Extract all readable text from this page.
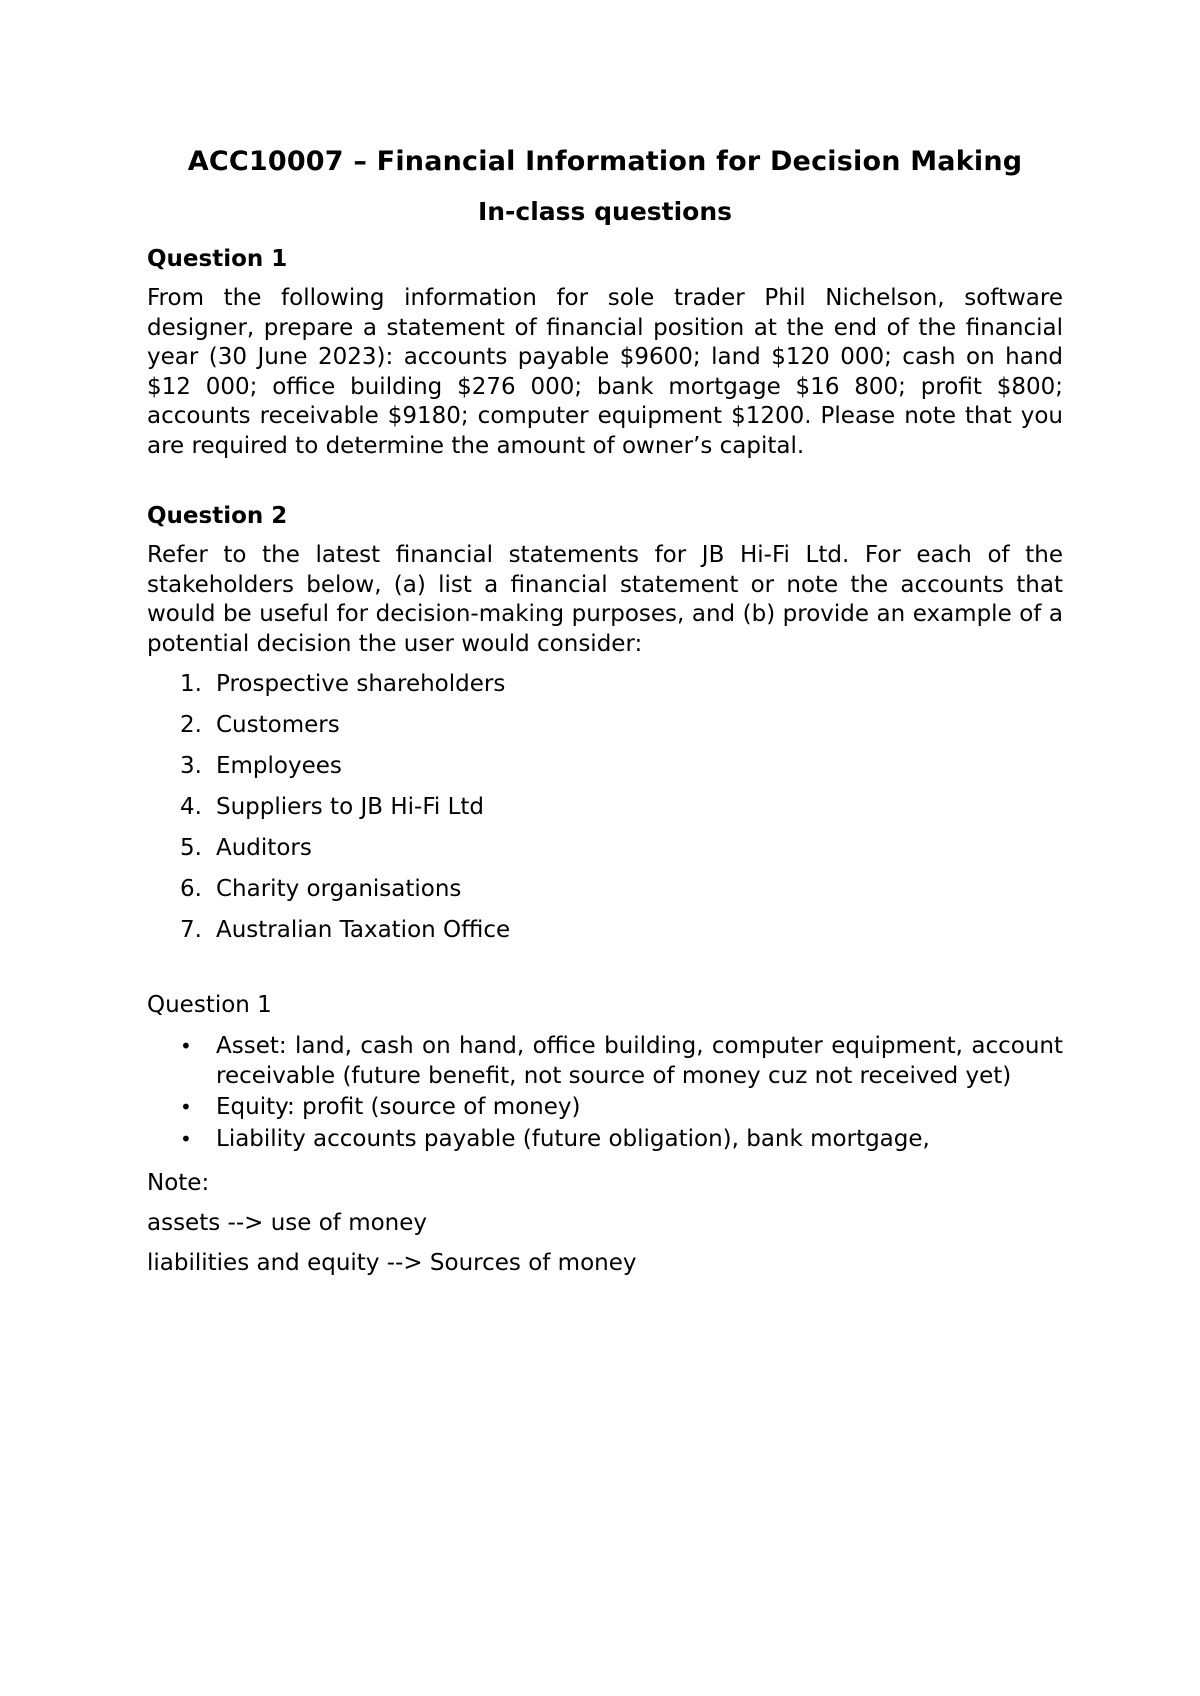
ACC10007 – Financial Information for Decision Making
In-class questions
Question 1

From the following information for sole trader Phil Nichelson, software designer, prepare a statement of financial position at the end of the financial year (30 June 2023): accounts payable $9600; land $120 000; cash on hand $12 000; office building $276 000; bank mortgage $16 800; profit $800; accounts receivable $9180; computer equipment $1200. Please note that you are required to determine the amount of owner’s capital.

Question 2

Refer to the latest financial statements for JB Hi-Fi Ltd. For each of the stakeholders below, (a) list a financial statement or note the accounts that would be useful for decision-making purposes, and (b) provide an example of a potential decision the user would consider:

1. Prospective shareholders
2. Customers
3. Employees
4. Suppliers to JB Hi-Fi Ltd
5. Auditors
6. Charity organisations
7. Australian Taxation Office
Question 1
•	Asset: land, cash on hand, office building, computer equipment, account receivable (future benefit, not source of money cuz not received yet)
•	Equity: profit (source of money)
•	Liability accounts payable (future obligation), bank mortgage,
Note:
assets --> use of money
liabilities and equity --> Sources of money
